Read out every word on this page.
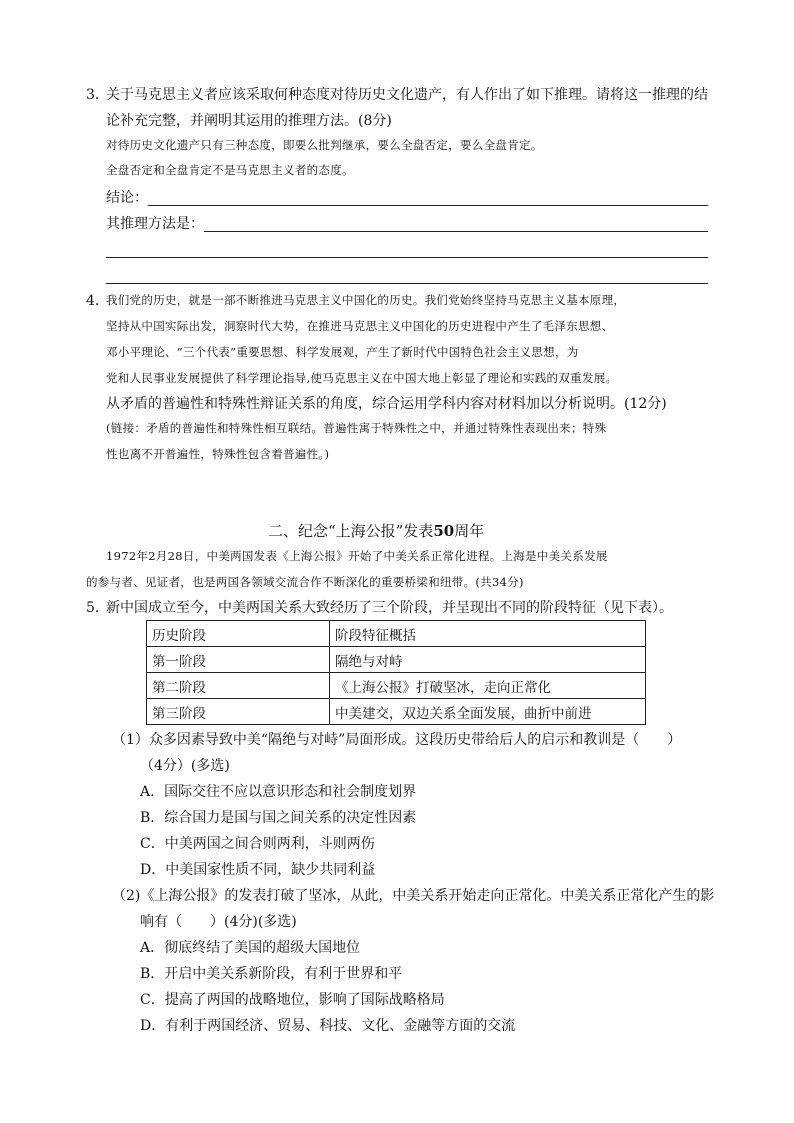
3．
关于马克思主义者应该采取何种态度对待历史文化遗产，有人作出了如下推理。请将这一推理的结
论补充完整，并阐明其运用的推理方法。(8分)
对待历史文化遗产只有三种态度，即要么批判继承，要么全盘否定，要么全盘肯定。
全盘否定和全盘肯定不是马克思主义者的态度。
结论：
其推理方法是：
4．
我们党的历史，就是一部不断推进马克思主义中国化的历史。我们党始终坚持马克思主义基本原理，
坚持从中国实际出发，洞察时代大势，在推进马克思主义中国化的历史进程中产生了毛泽东思想、
邓小平理论、“三个代表”重要思想、科学发展观，产生了新时代中国特色社会主义思想，为
党和人民事业发展提供了科学理论指导,使马克思主义在中国大地上彰显了理论和实践的双重发展。
从矛盾的普遍性和特殊性辩证关系的角度，综合运用学科内容对材料加以分析说明。(12分)
(链接：矛盾的普遍性和特殊性相互联结。普遍性寓于特殊性之中，并通过特殊性表现出来；特殊
性也离不开普遍性，特殊性包含着普遍性。)
二、纪念“上海公报”发表50周年
1972年2月28日，中美两国发表《上海公报》开始了中美关系正常化进程。上海是中美关系发展
的参与者、见证者，也是两国各领域交流合作不断深化的重要桥梁和纽带。(共34分)
5．
新中国成立至今，中美两国关系大致经历了三个阶段，并呈现出不同的阶段特征（见下表）。
历史阶段	阶段特征概括
第一阶段	隔绝与对峙
第二阶段	《上海公报》打破坚冰，走向正常化
第三阶段	中美建交，双边关系全面发展，曲折中前进
（1）众多因素导致中美“隔绝与对峙”局面形成。这段历史带给后人的启示和教训是（　　）
（4分）(多选)
A．国际交往不应以意识形态和社会制度划界
B．综合国力是国与国之间关系的决定性因素
C．中美两国之间合则两利，斗则两伤
D．中美国家性质不同，缺少共同利益
（2)《上海公报》的发表打破了坚冰，从此，中美关系开始走向正常化。中美关系正常化产生的影
响有（　　）(4分)(多选)
A．彻底终结了美国的超级大国地位
B．开启中美关系新阶段，有利于世界和平
C．提高了两国的战略地位，影响了国际战略格局
D．有利于两国经济、贸易、科技、文化、金融等方面的交流
